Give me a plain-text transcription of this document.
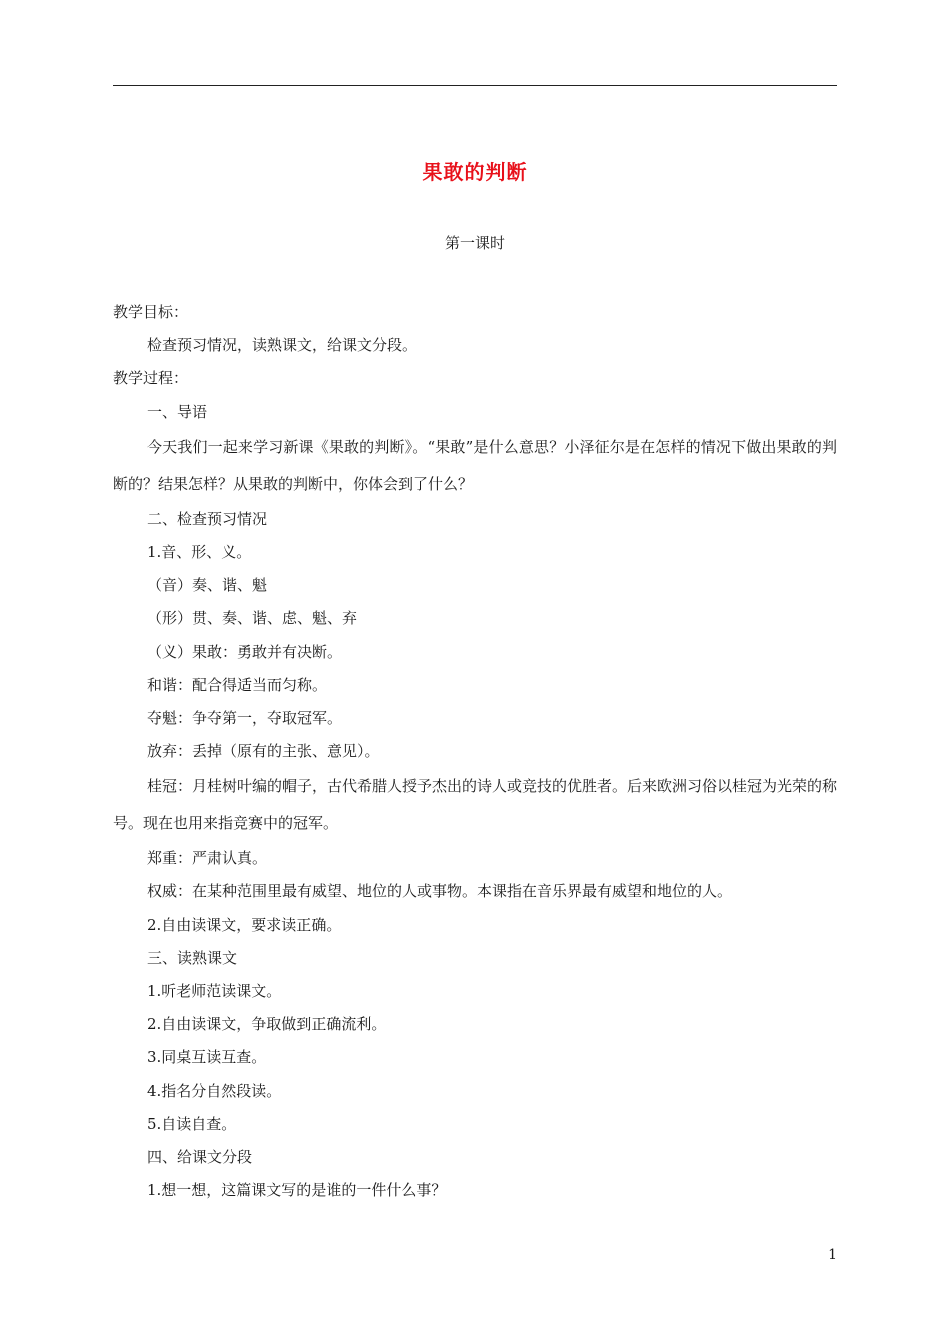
果敢的判断
第一课时
教学目标：
检查预习情况，读熟课文，给课文分段。
教学过程：
一、导语

今天我们一起来学习新课《果敢的判断》。“果敢”是什么意思？小泽征尔是在怎样的情况下做出果敢的判断的？结果怎样？从果敢的判断中，你体会到了什么？

二、检查预习情况
1.音、形、义。
（音）奏、谐、魁
（形）贯、奏、谐、虑、魁、弃
（义）果敢：勇敢并有决断。
和谐：配合得适当而匀称。
夺魁：争夺第一，夺取冠军。
放弃：丢掉（原有的主张、意见）。

桂冠：月桂树叶编的帽子，古代希腊人授予杰出的诗人或竞技的优胜者。后来欧洲习俗以桂冠为光荣的称号。现在也用来指竞赛中的冠军。

郑重：严肃认真。
权威：在某种范围里最有威望、地位的人或事物。本课指在音乐界最有威望和地位的人。
2.自由读课文，要求读正确。
三、读熟课文
1.听老师范读课文。
2.自由读课文，争取做到正确流利。
3.同桌互读互查。
4.指名分自然段读。
5.自读自查。
四、给课文分段
1.想一想，这篇课文写的是谁的一件什么事？
1
